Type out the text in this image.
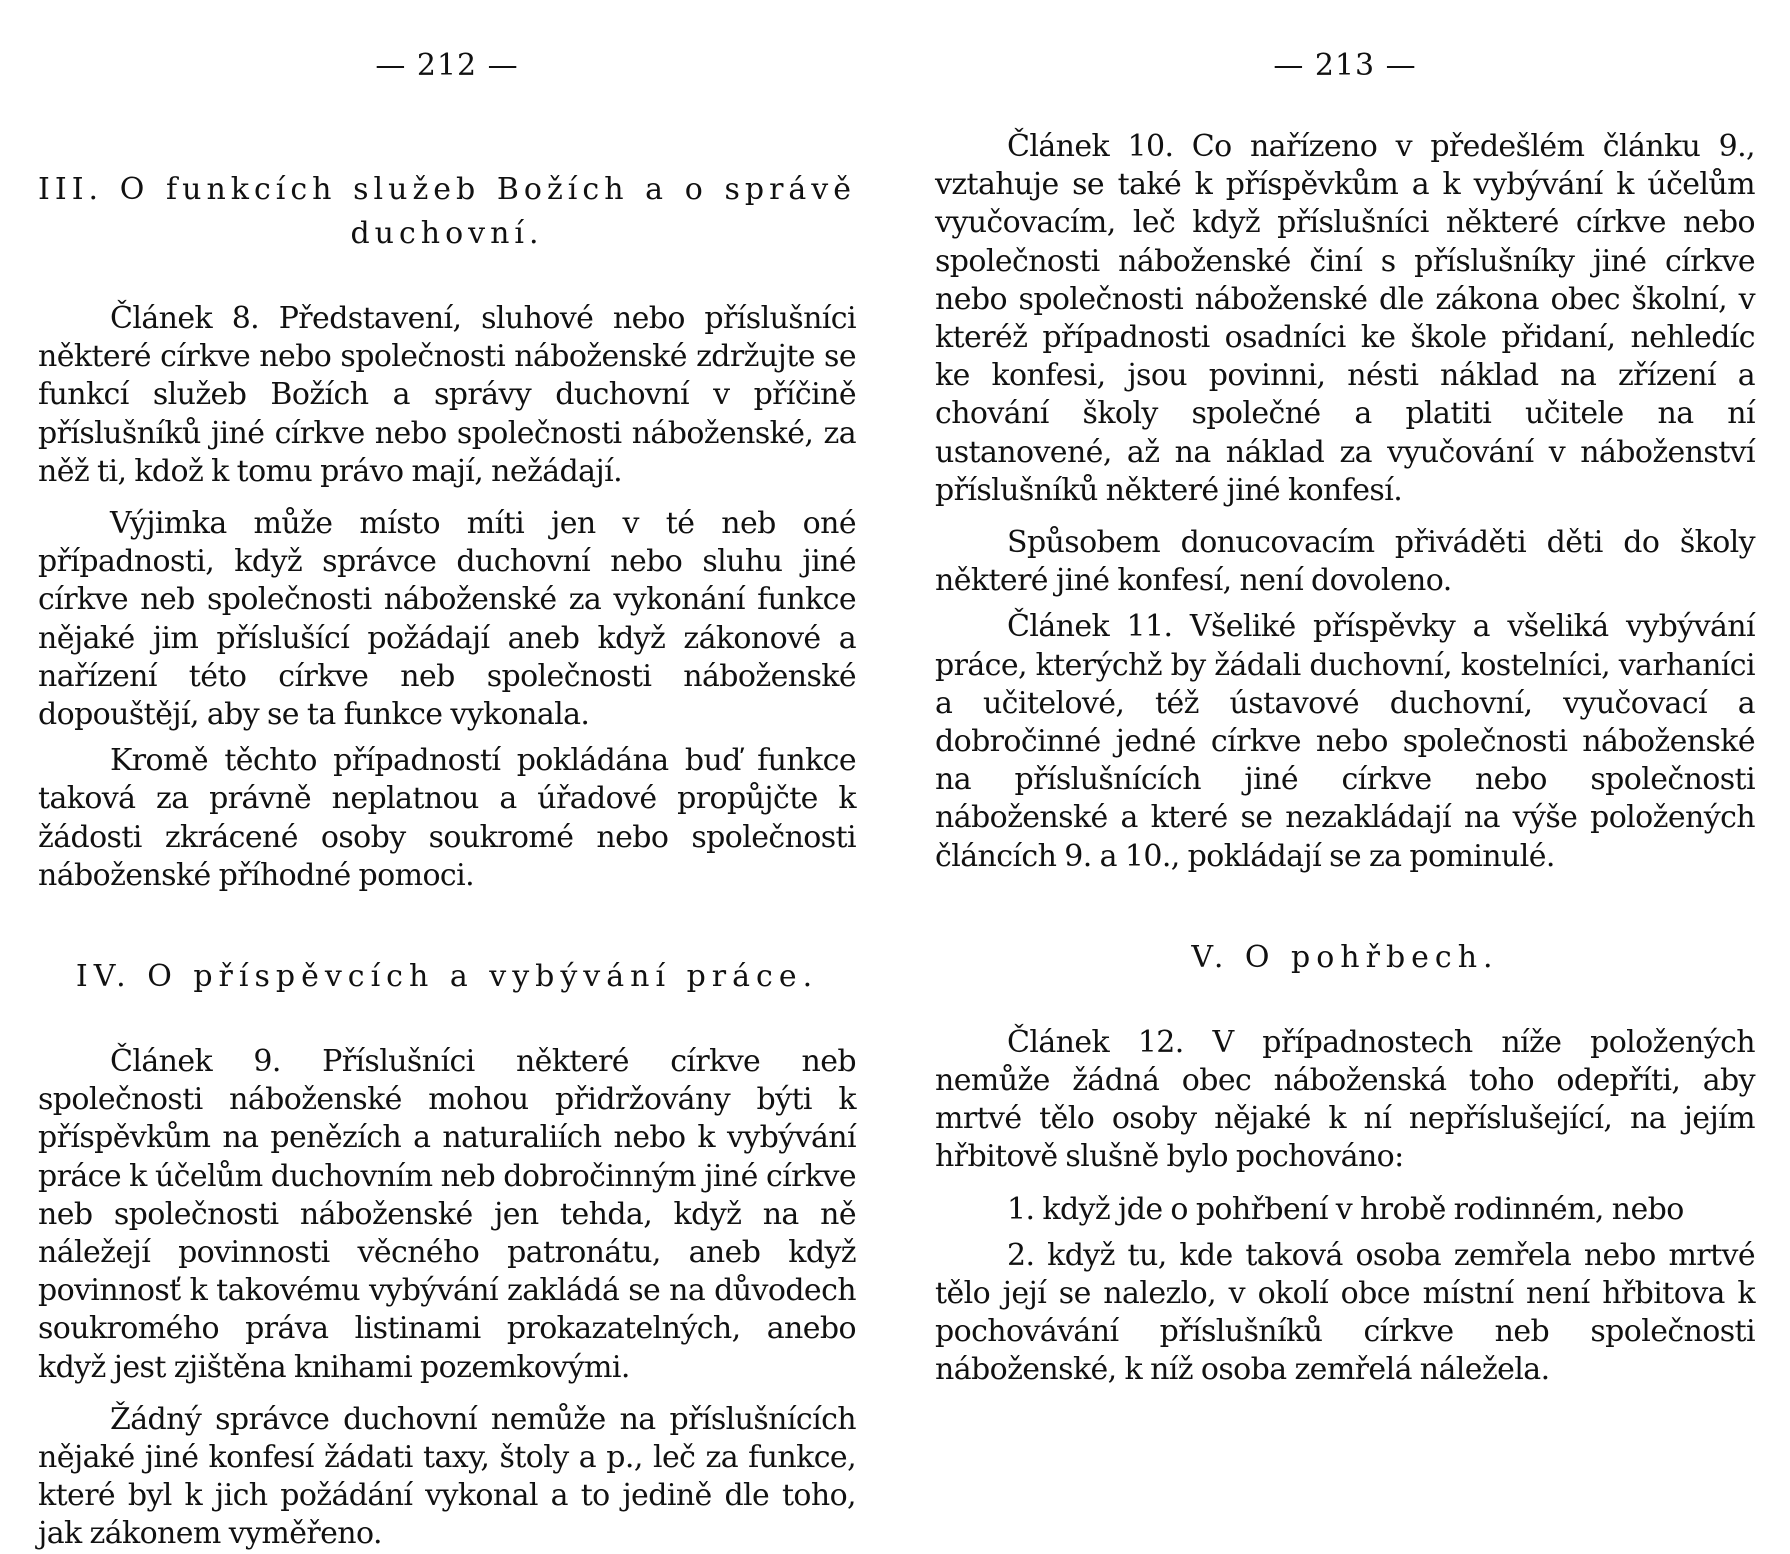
— 212 —
III. O funkcích služeb Božích a o správě duchovní.

Článek 8. Představení, sluhové nebo příslušníci některé církve nebo společnosti náboženské zdržujte se funkcí služeb Božích a správy duchovní v příčině příslušníků jiné církve nebo společnosti náboženské, za něž ti, kdož k tomu právo mají, nežádají.

Výjimka může místo míti jen v té neb oné případnosti, když správce duchovní nebo sluhu jiné církve neb společnosti náboženské za vykonání funkce nějaké jim příslušící požádají aneb když zákonové a nařízení této církve neb společnosti náboženské dopouštějí, aby se ta funkce vykonala.

Kromě těchto případností pokládána buď funkce taková za právně neplatnou a úřadové propůjčte k žádosti zkrácené osoby soukromé nebo společnosti náboženské příhodné pomoci.

IV. O příspěvcích a vybývání práce.

Článek 9. Příslušníci některé církve neb společnosti náboženské mohou přidržovány býti k příspěvkům na penězích a naturaliích nebo k vybývání práce k účelům duchovním neb dobročinným jiné církve neb společnosti náboženské jen tehda, když na ně náležejí povinnosti věcného patronátu, aneb když povinnosť k takovému vybývání zakládá se na důvodech soukromého práva listinami prokazatelných, anebo když jest zjištěna knihami pozemkovými.

Žádný správce duchovní nemůže na příslušnících nějaké jiné konfesí žádati taxy, štoly a p., leč za funkce, které byl k jich požádání vykonal a to jedině dle toho, jak zákonem vyměřeno.

— 213 —

Článek 10. Co nařízeno v předešlém článku 9., vztahuje se také k příspěvkům a k vybývání k účelům vyučovacím, leč když příslušníci některé církve nebo společnosti náboženské činí s příslušníky jiné církve nebo společnosti náboženské dle zákona obec školní, v kteréž případnosti osadníci ke škole přidaní, nehledíc ke konfesi, jsou povinni, nésti náklad na zřízení a chování školy společné a platiti učitele na ní ustanovené, až na náklad za vyučování v náboženství příslušníků některé jiné konfesí.

Spůsobem donucovacím přiváděti děti do školy některé jiné konfesí, není dovoleno.

Článek 11. Všeliké příspěvky a všeliká vybývání práce, kterýchž by žádali duchovní, kostelníci, varhaníci a učitelové, též ústavové duchovní, vyučovací a dobročinné jedné církve nebo společnosti náboženské na příslušnících jiné církve nebo společnosti náboženské a které se nezakládají na výše položených článcích 9. a 10., pokládají se za pominulé.

V. O pohřbech.

Článek 12. V případnostech níže položených nemůže žádná obec náboženská toho odepříti, aby mrtvé tělo osoby nějaké k ní nepříslušející, na jejím hřbitově slušně bylo pochováno:

1. když jde o pohřbení v hrobě rodinném, nebo

2. když tu, kde taková osoba zemřela nebo mrtvé tělo její se nalezlo, v okolí obce místní není hřbitova k pochovávání příslušníků církve neb společnosti náboženské, k níž osoba zemřelá náležela.
